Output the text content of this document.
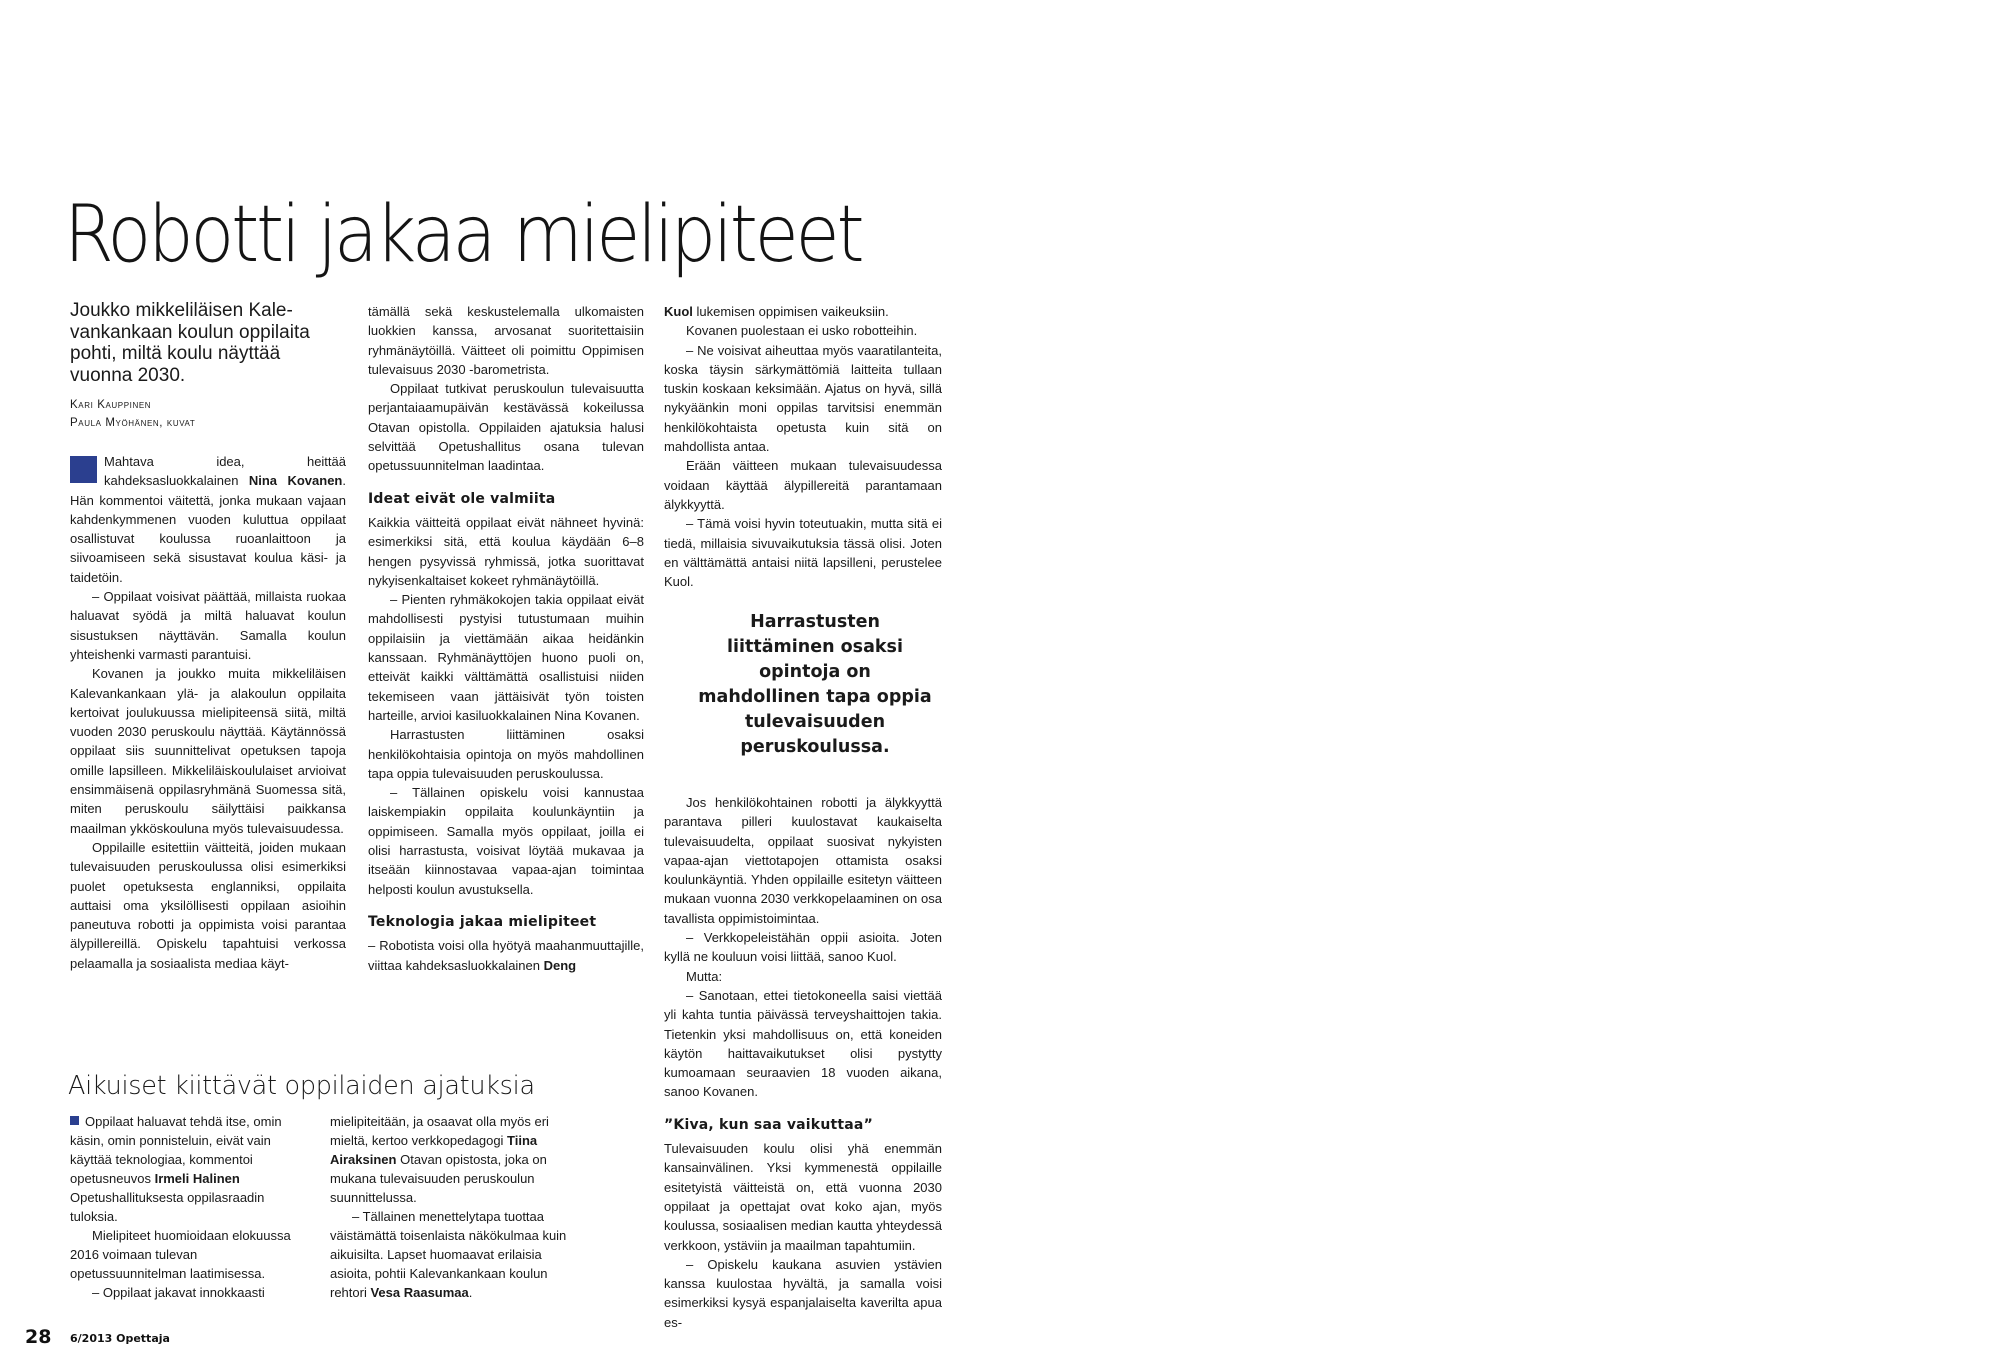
Robotti jakaa mielipiteet

Joukko mikkeliläisen Kale-vankankaan koulun oppilaita pohti, miltä koulu näyttää vuonna 2030.

Kari Kauppinen
Paula Myöhänen, kuvat

Mahtava idea, heittää kahdeksasluokkalainen Nina Kovanen. Hän kommentoi väitettä, jonka mukaan vajaan kahdenkymmenen vuoden kuluttua oppilaat osallistuvat koulussa ruoanlaittoon ja siivoamiseen sekä sisustavat koulua käsi- ja taidetöin.

– Oppilaat voisivat päättää, millaista ruokaa haluavat syödä ja miltä haluavat koulun sisustuksen näyttävän. Samalla koulun yhteishenki varmasti parantuisi.

Kovanen ja joukko muita mikkeliläisen Kalevankankaan ylä- ja alakoulun oppilaita kertoivat joulukuussa mielipiteensä siitä, miltä vuoden 2030 peruskoulu näyttää. Käytännössä oppilaat siis suunnittelivat opetuksen tapoja omille lapsilleen. Mikkeliläiskoululaiset arvioivat ensimmäisenä oppilasryhmänä Suomessa sitä, miten peruskoulu säilyttäisi paikkansa maailman ykköskouluna myös tulevaisuudessa.

Oppilaille esitettiin väitteitä, joiden mukaan tulevaisuuden peruskoulussa olisi esimerkiksi puolet opetuksesta englanniksi, oppilaita auttaisi oma yksilöllisesti oppilaan asioihin paneutuva robotti ja oppimista voisi parantaa älypillereillä. Opiskelu tapahtuisi verkossa pelaamalla ja sosiaalista mediaa käyt-

tämällä sekä keskustelemalla ulkomaisten luokkien kanssa, arvosanat suoritettaisiin ryhmänäytöillä. Väitteet oli poimittu Oppimisen tulevaisuus 2030 -barometrista.

Oppilaat tutkivat peruskoulun tulevaisuutta perjantaiaamupäivän kestävässä kokeilussa Otavan opistolla. Oppilaiden ajatuksia halusi selvittää Opetushallitus osana tulevan opetussuunnitelman laadintaa.

Ideat eivät ole valmiita

Kaikkia väitteitä oppilaat eivät nähneet hyvinä: esimerkiksi sitä, että koulua käydään 6–8 hengen pysyvissä ryhmissä, jotka suorittavat nykyisenkaltaiset kokeet ryhmänäytöillä.

– Pienten ryhmäkokojen takia oppilaat eivät mahdollisesti pystyisi tutustumaan muihin oppilaisiin ja viettämään aikaa heidänkin kanssaan. Ryhmänäyttöjen huono puoli on, etteivät kaikki välttämättä osallistuisi niiden tekemiseen vaan jättäisivät työn toisten harteille, arvioi kasiluokkalainen Nina Kovanen.

Harrastusten liittäminen osaksi henkilökohtaisia opintoja on myös mahdollinen tapa oppia tulevaisuuden peruskoulussa.

– Tällainen opiskelu voisi kannustaa laiskempiakin oppilaita koulunkäyntiin ja oppimiseen. Samalla myös oppilaat, joilla ei olisi harrastusta, voisivat löytää mukavaa ja itseään kiinnostavaa vapaa-ajan toimintaa helposti koulun avustuksella.

Teknologia jakaa mielipiteet

– Robotista voisi olla hyötyä maahanmuuttajille, viittaa kahdeksasluokkalainen Deng

Kuol lukemisen oppimisen vaikeuksiin.

Kovanen puolestaan ei usko robotteihin.

– Ne voisivat aiheuttaa myös vaaratilanteita, koska täysin särkymättömiä laitteita tullaan tuskin koskaan keksimään. Ajatus on hyvä, sillä nykyäänkin moni oppilas tarvitsisi enemmän henkilökohtaista opetusta kuin sitä on mahdollista antaa.

Erään väitteen mukaan tulevaisuudessa voidaan käyttää älypillereitä parantamaan älykkyyttä.

– Tämä voisi hyvin toteutuakin, mutta sitä ei tiedä, millaisia sivuvaikutuksia tässä olisi. Joten en välttämättä antaisi niitä lapsilleni, perustelee Kuol.

Harrastusten liittäminen osaksi opintoja on mahdollinen tapa oppia tulevaisuuden peruskoulussa.

Jos henkilökohtainen robotti ja älykkyyttä parantava pilleri kuulostavat kaukaiselta tulevaisuudelta, oppilaat suosivat nykyisten vapaa-ajan viettotapojen ottamista osaksi koulunkäyntiä. Yhden oppilaille esitetyn väitteen mukaan vuonna 2030 verkkopelaaminen on osa tavallista oppimistoimintaa.

– Verkkopeleistähän oppii asioita. Joten kyllä ne kouluun voisi liittää, sanoo Kuol.

Mutta:

– Sanotaan, ettei tietokoneella saisi viettää yli kahta tuntia päivässä terveyshaittojen takia. Tietenkin yksi mahdollisuus on, että koneiden käytön haittavaikutukset olisi pystytty kumoamaan seuraavien 18 vuoden aikana, sanoo Kovanen.

”Kiva, kun saa vaikuttaa”

Tulevaisuuden koulu olisi yhä enemmän kansainvälinen. Yksi kymmenestä oppilaille esitetyistä väitteistä on, että vuonna 2030 oppilaat ja opettajat ovat koko ajan, myös koulussa, sosiaalisen median kautta yhteydessä verkkoon, ystäviin ja maailman tapahtumiin.

– Opiskelu kaukana asuvien ystävien kanssa kuulostaa hyvältä, ja samalla voisi esimerkiksi kysyä espanjalaiselta kaverilta apua es-

Aikuiset kiittävät oppilaiden ajatuksia

Oppilaat haluavat tehdä itse, omin käsin, omin ponnisteluin, eivät vain käyttää teknologiaa, kommentoi opetusneuvos Irmeli Halinen Opetushallituksesta oppilasraadin tuloksia.

Mielipiteet huomioidaan elokuussa 2016 voimaan tulevan opetussuunnitelman laatimisessa.

– Oppilaat jakavat innokkaasti

mielipiteitään, ja osaavat olla myös eri mieltä, kertoo verkkopedagogi Tiina Airaksinen Otavan opistosta, joka on mukana tulevaisuuden peruskoulun suunnittelussa.

– Tällainen menettelytapa tuottaa väistämättä toisenlaista näkökulmaa kuin aikuisilta. Lapset huomaavat erilaisia asioita, pohtii Kalevankankaan koulun rehtori Vesa Raasumaa.

28 6/2013 Opettaja
